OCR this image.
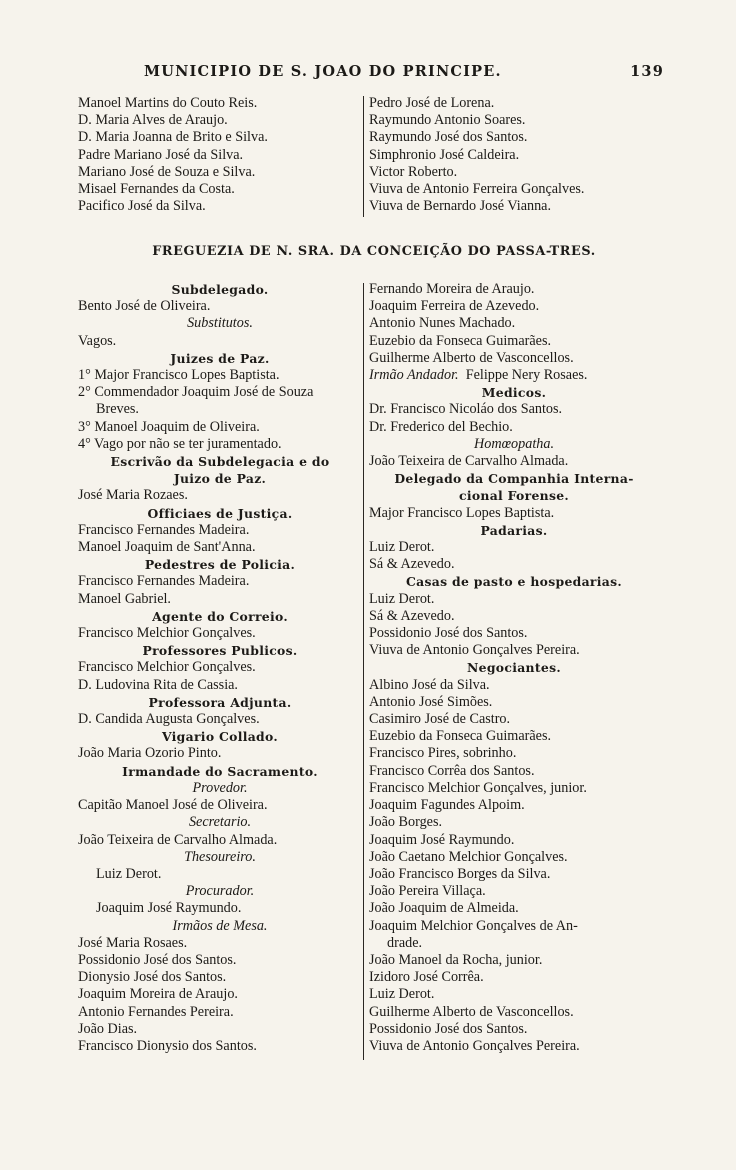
MUNICIPIO DE S. JOAO DO PRINCIPE.	139
Manoel Martins do Couto Reis.
D. Maria Alves de Araujo.
D. Maria Joanna de Brito e Silva.
Padre Mariano José da Silva.
Mariano José de Souza e Silva.
Misael Fernandes da Costa.
Pacifico José da Silva.
Pedro José de Lorena.
Raymundo Antonio Soares.
Raymundo José dos Santos.
Simphronio José Caldeira.
Victor Roberto.
Viuva de Antonio Ferreira Gonçalves.
Viuva de Bernardo José Vianna.
FREGUEZIA DE N. SRA. DA CONCEIÇÃO DO PASSA-TRES.
Subdelegado.
Bento José de Oliveira.
Substitutos.
Vagos.
Juizes de Paz.
1° Major Francisco Lopes Baptista.
2° Commendador Joaquim José de Souza
Breves.
3° Manoel Joaquim de Oliveira.
4° Vago por não se ter juramentado.
Escrivão da Subdelegacia e do
Juizo de Paz.
José Maria Rozaes.
Officiaes de Justiça.
Francisco Fernandes Madeira.
Manoel Joaquim de Sant'Anna.
Pedestres de Policia.
Francisco Fernandes Madeira.
Manoel Gabriel.
Agente do Correio.
Francisco Melchior Gonçalves.
Professores Publicos.
Francisco Melchior Gonçalves.
D. Ludovina Rita de Cassia.
Professora Adjunta.
D. Candida Augusta Gonçalves.
Vigario Collado.
João Maria Ozorio Pinto.
Irmandade do Sacramento.
Provedor.
Capitão Manoel José de Oliveira.
Secretario.
João Teixeira de Carvalho Almada.
Thesoureiro.
Luiz Derot.
Procurador.
Joaquim José Raymundo.
Irmãos de Mesa.
José Maria Rosaes.
Possidonio José dos Santos.
Dionysio José dos Santos.
Joaquim Moreira de Araujo.
Antonio Fernandes Pereira.
João Dias.
Francisco Dionysio dos Santos.
Fernando Moreira de Araujo.
Joaquim Ferreira de Azevedo.
Antonio Nunes Machado.
Euzebio da Fonseca Guimarães.
Guilherme Alberto de Vasconcellos.
Irmão Andador. Felippe Nery Rosaes.
Medicos.
Dr. Francisco Nicoláo dos Santos.
Dr. Frederico del Bechio.
Homœopatha.
João Teixeira de Carvalho Almada.
Delegado da Companhia Interna-
cional Forense.
Major Francisco Lopes Baptista.
Padarias.
Luiz Derot.
Sá & Azevedo.
Casas de pasto e hospedarias.
Luiz Derot.
Sá & Azevedo.
Possidonio José dos Santos.
Viuva de Antonio Gonçalves Pereira.
Negociantes.
Albino José da Silva.
Antonio José Simões.
Casimiro José de Castro.
Euzebio da Fonseca Guimarães.
Francisco Pires, sobrinho.
Francisco Corrêa dos Santos.
Francisco Melchior Gonçalves, junior.
Joaquim Fagundes Alpoim.
João Borges.
Joaquim José Raymundo.
João Caetano Melchior Gonçalves.
João Francisco Borges da Silva.
João Pereira Villaça.
João Joaquim de Almeida.
Joaquim Melchior Gonçalves de An-
drade.
João Manoel da Rocha, junior.
Izidoro José Corrêa.
Luiz Derot.
Guilherme Alberto de Vasconcellos.
Possidonio José dos Santos.
Viuva de Antonio Gonçalves Pereira.
